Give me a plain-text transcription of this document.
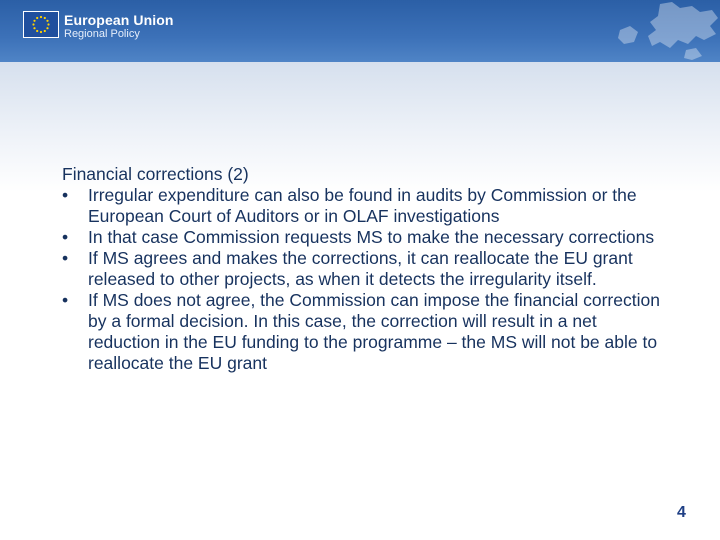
European Union
Regional Policy

Financial corrections (2)

•	Irregular expenditure can also be found in audits by Commission or the European Court of Auditors or in OLAF investigations
•	In that case Commission requests MS to make the necessary corrections
•	If MS agrees and makes the corrections, it can reallocate the EU grant released to other projects, as when it detects the irregularity itself.
•	If MS does not agree, the Commission can impose the financial correction by a formal decision. In this case, the correction will result in a net reduction in the EU funding to the programme – the MS will not be able to reallocate the EU grant
4
